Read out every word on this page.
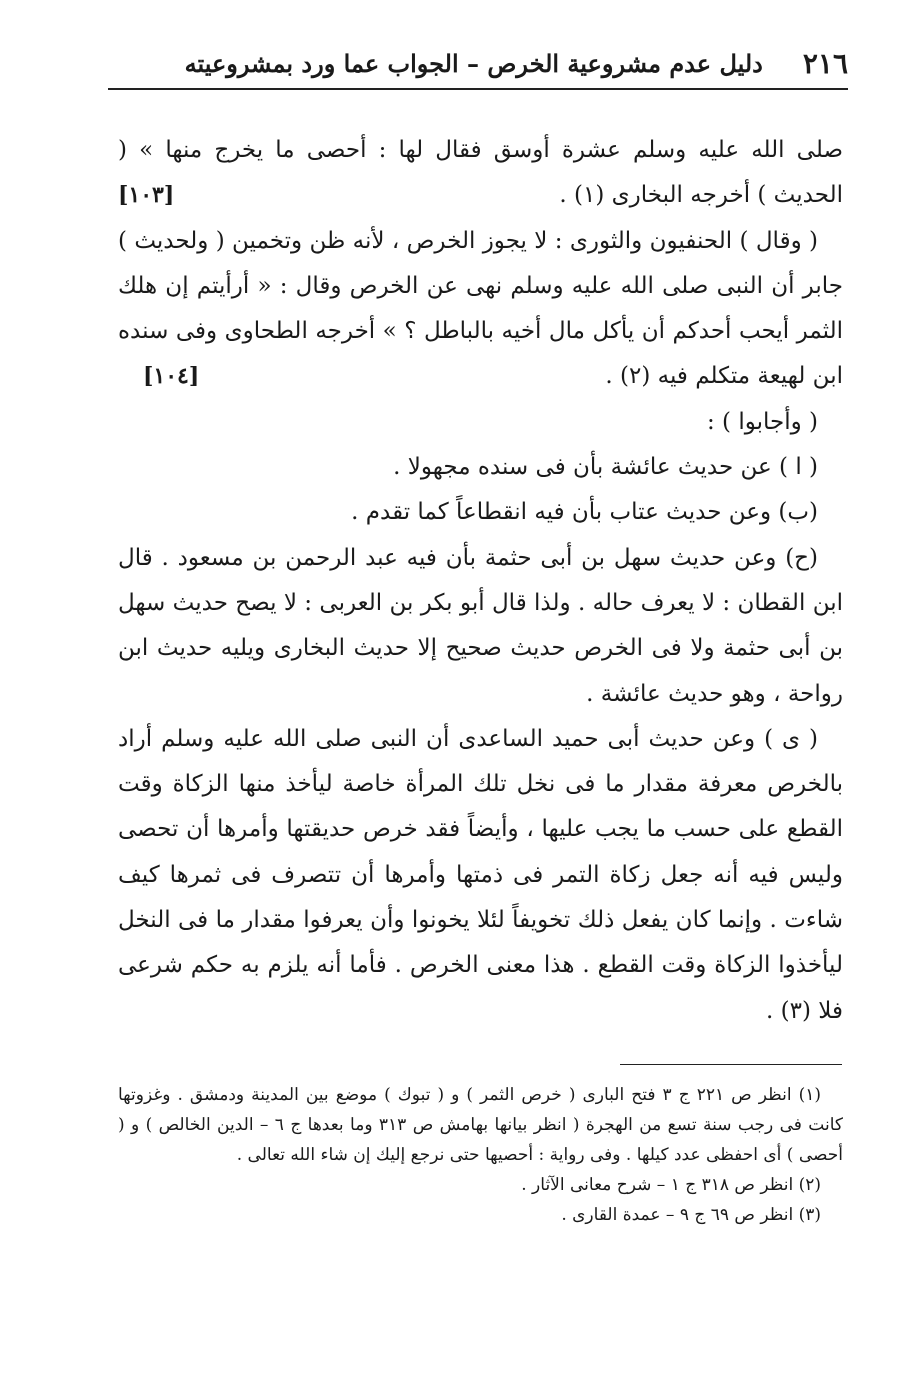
٢١٦
دليل عدم مشروعية الخرص – الجواب عما ورد بمشروعيته

صلى الله عليه وسلم عشرة أوسق فقال لها : أحصى ما يخرج منها » ( الحديث ) أخرجه البخارى (١) .
[١٠٣]

( وقال ) الحنفيون والثورى : لا يجوز الخرص ، لأنه ظن وتخمين ( ولحديث ) جابر أن النبى صلى الله عليه وسلم نهى عن الخرص وقال : « أرأيتم إن هلك الثمر أيحب أحدكم أن يأكل مال أخيه بالباطل ؟ » أخرجه الطحاوى وفى سنده ابن لهيعة متكلم فيه (٢) .
[١٠٤]

( وأجابوا ) :

( ا ) عن حديث عائشة بأن فى سنده مجهولا .

(ب) وعن حديث عتاب بأن فيه انقطاعاً كما تقدم .

(ح) وعن حديث سهل بن أبى حثمة بأن فيه عبد الرحمن بن مسعود . قال ابن القطان : لا يعرف حاله . ولذا قال أبو بكر بن العربى : لا يصح حديث سهل بن أبى حثمة ولا فى الخرص حديث صحيح إلا حديث البخارى ويليه حديث ابن رواحة ، وهو حديث عائشة .

( ى ) وعن حديث أبى حميد الساعدى أن النبى صلى الله عليه وسلم أراد بالخرص معرفة مقدار ما فى نخل تلك المرأة خاصة ليأخذ منها الزكاة وقت القطع على حسب ما يجب عليها ، وأيضاً فقد خرص حديقتها وأمرها أن تحصى وليس فيه أنه جعل زكاة التمر فى ذمتها وأمرها أن تتصرف فى ثمرها كيف شاءت . وإنما كان يفعل ذلك تخويفاً لئلا يخونوا وأن يعرفوا مقدار ما فى النخل ليأخذوا الزكاة وقت القطع . هذا معنى الخرص . فأما أنه يلزم به حكم شرعى فلا (٣) .

(١) انظر ص ٢٢١ ج ٣ فتح البارى ( خرص الثمر ) و ( تبوك ) موضع بين المدينة ودمشق . وغزوتها كانت فى رجب سنة تسع من الهجرة ( انظر بيانها بهامش ص ٣١٣ وما بعدها ج ٦ – الدين الخالص ) و ( أحصى ) أى احفظى عدد كيلها . وفى رواية : أحصيها حتى نرجع إليك إن شاء الله تعالى .

(٢) انظر ص ٣١٨ ج ١ – شرح معانى الآثار .

(٣) انظر ص ٦٩ ج ٩ – عمدة القارى .
